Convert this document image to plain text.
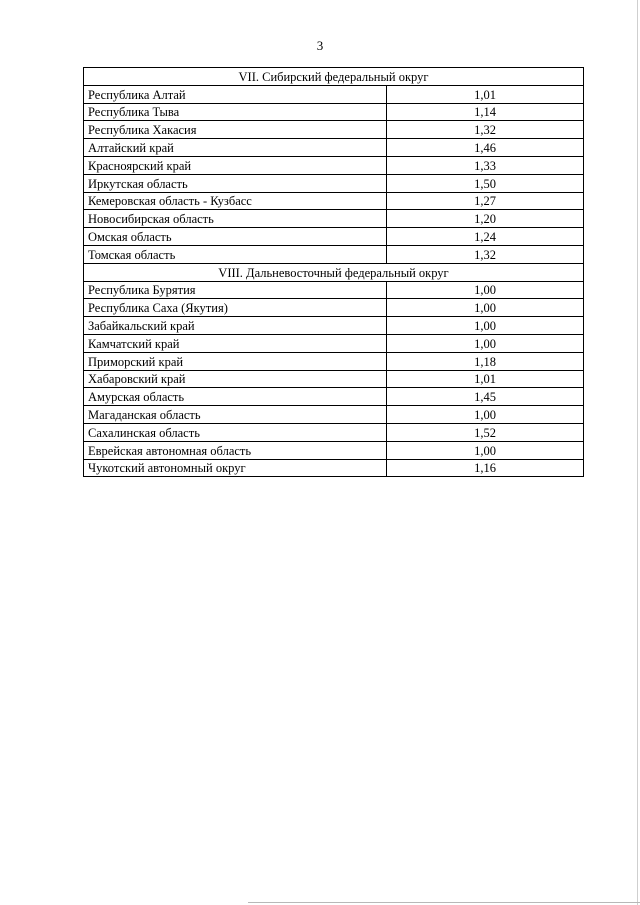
3
VII. Сибирский федеральный округ	
Республика Алтай	1,01
Республика Тыва	1,14
Республика Хакасия	1,32
Алтайский край	1,46
Красноярский край	1,33
Иркутская область	1,50
Кемеровская область - Кузбасс	1,27
Новосибирская область	1,20
Омская область	1,24
Томская область	1,32
VIII. Дальневосточный федеральный округ	
Республика Бурятия	1,00
Республика Саха (Якутия)	1,00
Забайкальский край	1,00
Камчатский край	1,00
Приморский край	1,18
Хабаровский край	1,01
Амурская область	1,45
Магаданская область	1,00
Сахалинская область	1,52
Еврейская автономная область	1,00
Чукотский автономный округ	1,16
